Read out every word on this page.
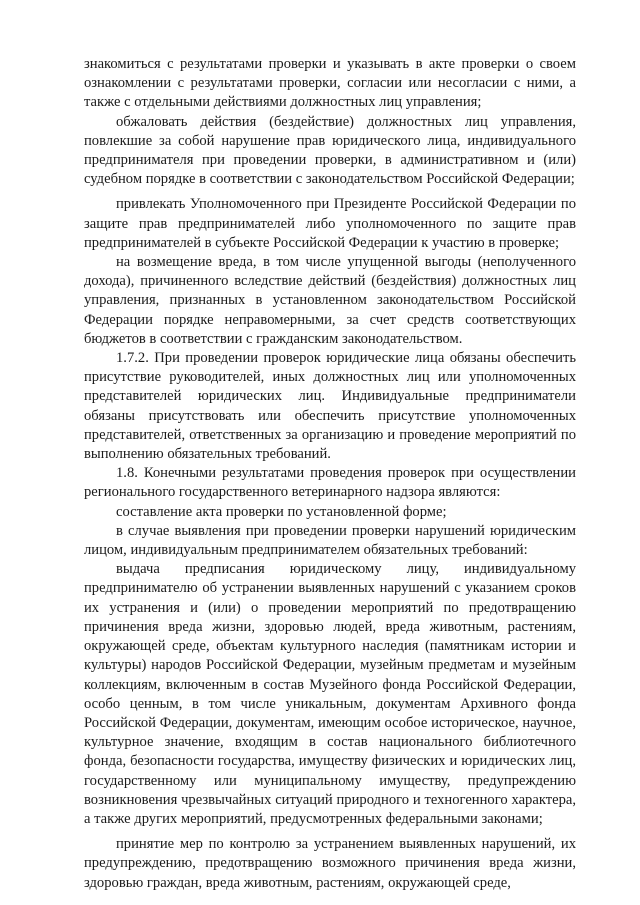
знакомиться с результатами проверки и указывать в акте проверки о своем ознакомлении с результатами проверки, согласии или несогласии с ними, а также с отдельными действиями должностных лиц управления;

обжаловать действия (бездействие) должностных лиц управления, повлекшие за собой нарушение прав юридического лица, индивидуального предпринимателя при проведении проверки, в административном и (или) судебном порядке в соответствии с законодательством Российской Федерации;

привлекать Уполномоченного при Президенте Российской Федерации по защите прав предпринимателей либо уполномоченного по защите прав предпринимателей в субъекте Российской Федерации к участию в проверке;

на возмещение вреда, в том числе упущенной выгоды (неполученного дохода), причиненного вследствие действий (бездействия) должностных лиц управления, признанных в установленном законодательством Российской Федерации порядке неправомерными, за счет средств соответствующих бюджетов в соответствии с гражданским законодательством.

1.7.2. При проведении проверок юридические лица обязаны обеспечить присутствие руководителей, иных должностных лиц или уполномоченных представителей юридических лиц. Индивидуальные предприниматели обязаны присутствовать или обеспечить присутствие уполномоченных представителей, ответственных за организацию и проведение мероприятий по выполнению обязательных требований.

1.8. Конечными результатами проведения проверок при осуществлении регионального государственного ветеринарного надзора являются:

составление акта проверки по установленной форме;

в случае выявления при проведении проверки нарушений юридическим лицом, индивидуальным предпринимателем обязательных требований:

выдача предписания юридическому лицу, индивидуальному предпринимателю об устранении выявленных нарушений с указанием сроков их устранения и (или) о проведении мероприятий по предотвращению причинения вреда жизни, здоровью людей, вреда животным, растениям, окружающей среде, объектам культурного наследия (памятникам истории и культуры) народов Российской Федерации, музейным предметам и музейным коллекциям, включенным в состав Музейного фонда Российской Федерации, особо ценным, в том числе уникальным, документам Архивного фонда Российской Федерации, документам, имеющим особое историческое, научное, культурное значение, входящим в состав национального библиотечного фонда, безопасности государства, имуществу физических и юридических лиц, государственному или муниципальному имуществу, предупреждению возникновения чрезвычайных ситуаций природного и техногенного характера, а также других мероприятий, предусмотренных федеральными законами;

принятие мер по контролю за устранением выявленных нарушений, их предупреждению, предотвращению возможного причинения вреда жизни, здоровью граждан, вреда животным, растениям, окружающей среде,
